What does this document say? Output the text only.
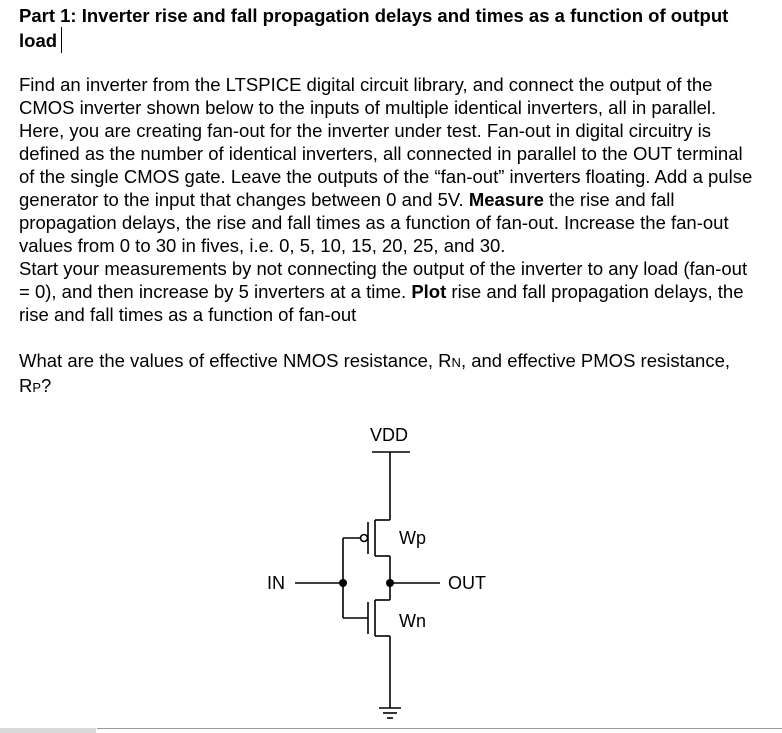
Part 1: Inverter rise and fall propagation delays and times as a function of output load

Find an inverter from the LTSPICE digital circuit library, and connect the output of the CMOS inverter shown below to the inputs of multiple identical inverters, all in parallel. Here, you are creating fan-out for the inverter under test. Fan-out in digital circuitry is defined as the number of identical inverters, all connected in parallel to the OUT terminal of the single CMOS gate. Leave the outputs of the “fan-out” inverters floating. Add a pulse generator to the input that changes between 0 and 5V. Measure the rise and fall propagation delays, the rise and fall times as a function of fan-out. Increase the fan-out values from 0 to 30 in fives, i.e. 0, 5, 10, 15, 20, 25, and 30.

Start your measurements by not connecting the output of the inverter to any load (fan-out = 0), and then increase by 5 inverters at a time. Plot rise and fall propagation delays, the rise and fall times as a function of fan-out

What are the values of effective NMOS resistance, RN, and effective PMOS resistance, RP?

VDD
IN	OUT
Wp
Wn
